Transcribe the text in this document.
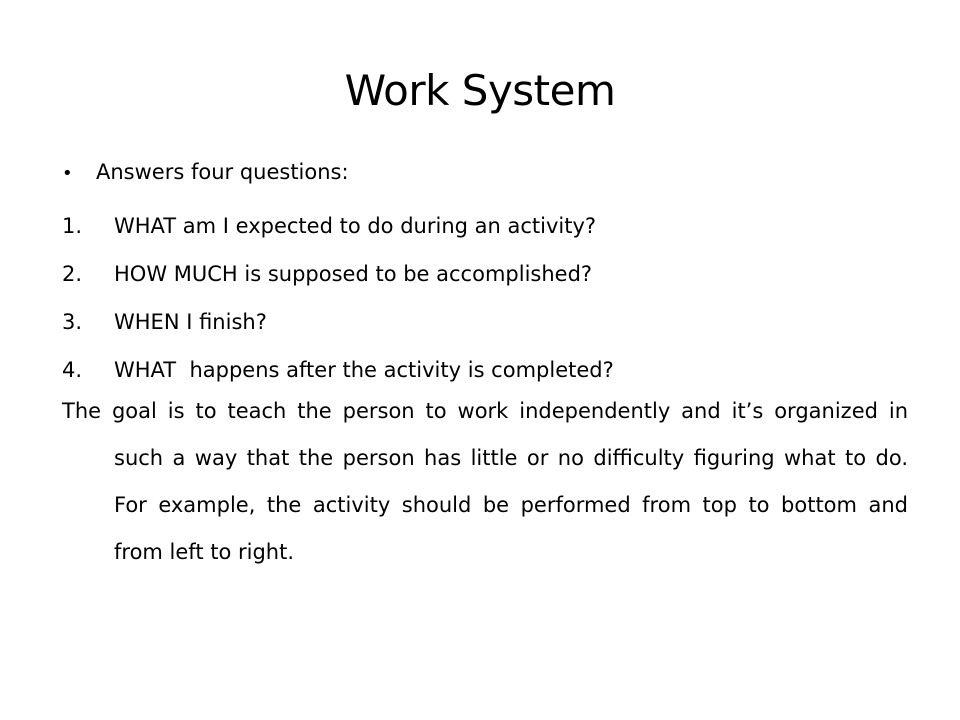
Work System
• Answers four questions:
1.	WHAT am I expected to do during an activity?
2.	HOW MUCH is supposed to be accomplished?
3.	WHEN I finish?
4.	WHAT  happens after the activity is completed?

The goal is to teach the person to work independently and it’s organized in such a way that the person has little or no difficulty figuring what to do. For example, the activity should be performed from top to bottom and from left to right.
